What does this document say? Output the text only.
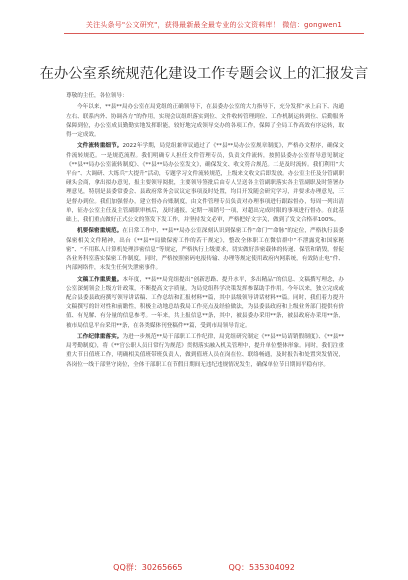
关注头条号"公文研究"，获得最新最全最专业的公文资料库！ 微信：gongwen1
在办公室系统规范化建设工作专题会议上的汇报发言

尊敬的主任，各位领导：

今年以来，**县**局办公室在局党组的正确领导下，在县委办公室的大力指导下，充分发挥“承上启下、沟通左右、联系内外、协调各方”的作用，实现会议组织落实到位、文件收转管理到位、工作机制运转到位、后勤服务保障到位，办公室成员勤勤实地发挥职能，较好地完成领导交办的各项工作，保障了全局工作高效有序运转，取得一定成效。

文件流转重细节。2022年学期，局党组兼审议通过了《**县**局办公室规章制度》，严格办文程序，确保文件流转规范。一是规范流程。我们明确专人担任文件管理专员，负责文件流转，按照县委办公室督导意见制定《**县**局办公室流转制度》、《**县**局办公室发文》，确保发文、收文符合规范。二是及时流转。我们利用“大平台”、大调研、大练兵“大提升”活动，专题学习文件流转规范，上级来文收文后即发放。办公室主任及分管副职碰头会商，拿出拟办意见，报主要领导阅批，主要领导签批后由专人呈送各主管副职落实各主管副职及时签署办理意见，特别是县委常委会、县政府常务会议议定事项及时处置，均目开发随会研究学习，并要求办理意见，三是督办到位。我们加强督办，建立督办台账制度，由文件管理专员负责对办理事项进行跟踪督办，每周一列出清单，征办公室主任及主管副职审核后，及时通报，定期一项销号一项，对超出完成时限的事项进行督办。在此基础上，我们重点做好正式公文的签发下发工作，并坚持发文必审，严格把好文字关，做到了发文合格率100%。

机要保密重规范。在日常工作中，**县**局办公室深刻认识到保密工作“命门”“命脉”的定位，严格执行县委保密相关文件精神，出台《**县**局做保密工作的若干规定》，整改全体职工在微信群中“不泄露党和国家秘密”、“不用私人计算机处理涉密信息”等规定，严格执行上级要求，切实做好涉密载体的传递、保管和销毁，督促各业务科室落实保密工作制度，同时，严格按照密码电报传输、办理等规定使用政府内网系统，有效防止电“件、内部网络件，未发生任何失泄密事件。

文稿工作重质量。本年度，**县**局党组提出“创新思路、提升水平，多出精品”的信息、文稿撰写理念，办公室深刻领会上级方针政策，不断提高文字质量，为局党组科学决策发挥参谋助手作用。今年以来，独立完成或配合县委县政府撰写领导讲话稿、工作总结和汇报材料**篇，其中县级领导讲话材料**篇。同时，我们着力提升文稿撰写的针对性和前瞻性，积极主动地总结我局工作亮点及经验做法，为县委县政府和上级业务部门提供有价值、有见解、有分量的信息参考。一年来，共上报信息**条，其中，被县委办采用**条，被县政府办采用**条，被市局信息平台采用**条，在各类媒体刊登稿件**篇，受到市局领导肯定。

工作纪律重落实。为进一步规范**局干部职工工作纪律，局党组研究制定《**县**局请销假制度》、《**县**局考勤制度》，将《**官公职人员日常行为规范》贯彻落实融入机关管理中，提升单位整体形象。同时，我们注重重大节日值班工作，明确相关值班带班负责人，做到值班人员在岗在位、联络畅通，及时报告和处置突发情况，各岗位一线干部坚守岗位，全体干部职工在节假日期间无违纪违规情况发生，确保单位节日期间平稳有序。

QQ群：30265665	QQ：535304092
